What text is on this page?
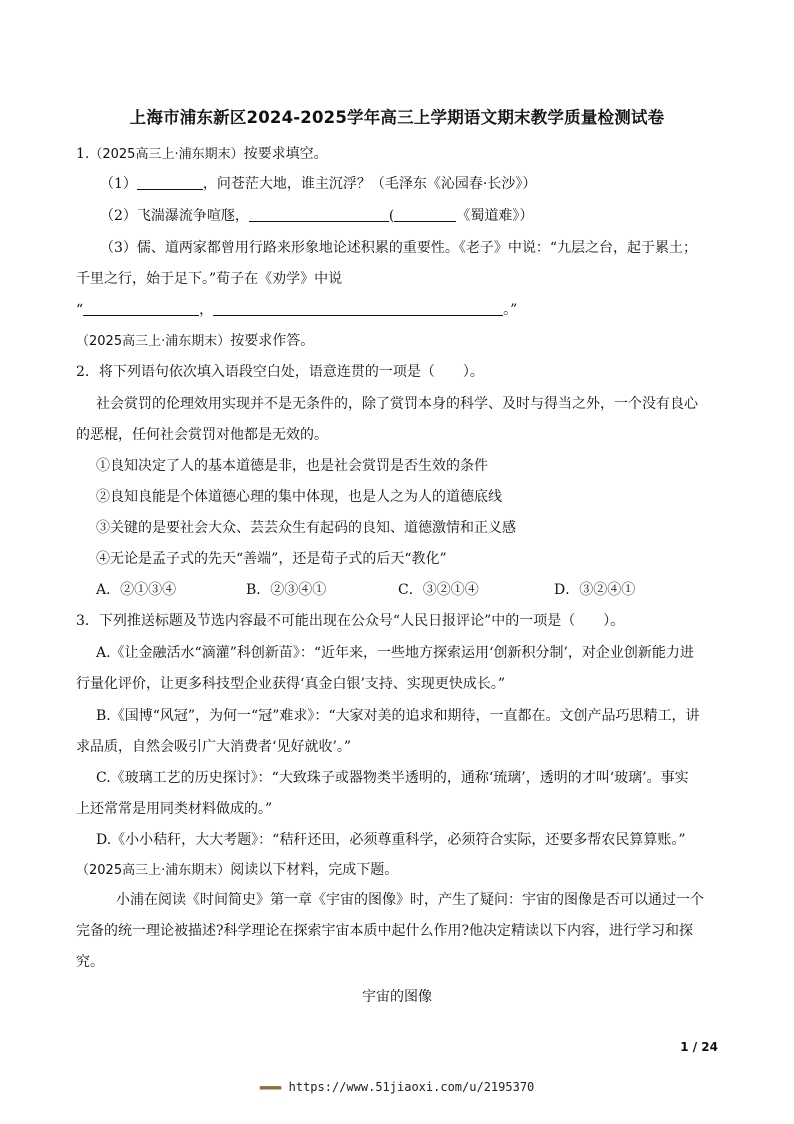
上海市浦东新区2024-2025学年高三上学期语文期末教学质量检测试卷
1.（2025高三上·浦东期末）按要求填空。
（1）	，问苍茫大地，谁主沉浮？（毛泽东《沁园春·长沙》）
（2）飞湍瀑流争喧豗，	(	《蜀道难》）
（3）儒、道两家都曾用行路来形象地论述积累的重要性。《老子》中说：“九层之台，起于累土；
千里之行，始于足下。”荀子在《劝学》中说
“	，	。”
（2025高三上·浦东期末）按要求作答。
2．将下列语句依次填入语段空白处，语意连贯的一项是（　　）。
社会赏罚的伦理效用实现并不是无条件的，除了赏罚本身的科学、及时与得当之外，一个没有良心
的恶棍，任何社会赏罚对他都是无效的。
①良知决定了人的基本道德是非，也是社会赏罚是否生效的条件
②良知良能是个体道德心理的集中体现，也是人之为人的道德底线
③关键的是要社会大众、芸芸众生有起码的良知、道德激情和正义感
④无论是孟子式的先天“善端”，还是荀子式的后天“教化”
A．②①③④	B．②③④①	C．③②①④	D．③②④①
3．下列推送标题及节选内容最不可能出现在公众号“人民日报评论”中的一项是（　　）。
A.《让金融活水“滴灌”科创新苗》：“近年来，一些地方探索运用‘创新积分制’，对企业创新能力进
行量化评价，让更多科技型企业获得‘真金白银’支持、实现更快成长。”
B.《国博“风冠”，为何一“冠”难求》：“大家对美的追求和期待，一直都在。文创产品巧思精工，讲
求品质，自然会吸引广大消费者‘见好就收’。”
C.《玻璃工艺的历史探讨》：“大致珠子或器物类半透明的，通称‘琉璃’，透明的才叫‘玻璃’。事实
上还常常是用同类材料做成的。”
D.《小小秸秆，大大考题》：“秸秆还田，必须尊重科学，必须符合实际，还要多帮农民算算账。”
（2025高三上·浦东期末）阅读以下材料，完成下题。
小浦在阅读《时间简史》第一章《宇宙的图像》时，产生了疑问：宇宙的图像是否可以通过一个
完备的统一理论被描述?科学理论在探索宇宙本质中起什么作用?他决定精读以下内容，进行学习和探
究。
宇宙的图像
1 / 24
▬▬▬ https://www.51jiaoxi.com/u/2195370
